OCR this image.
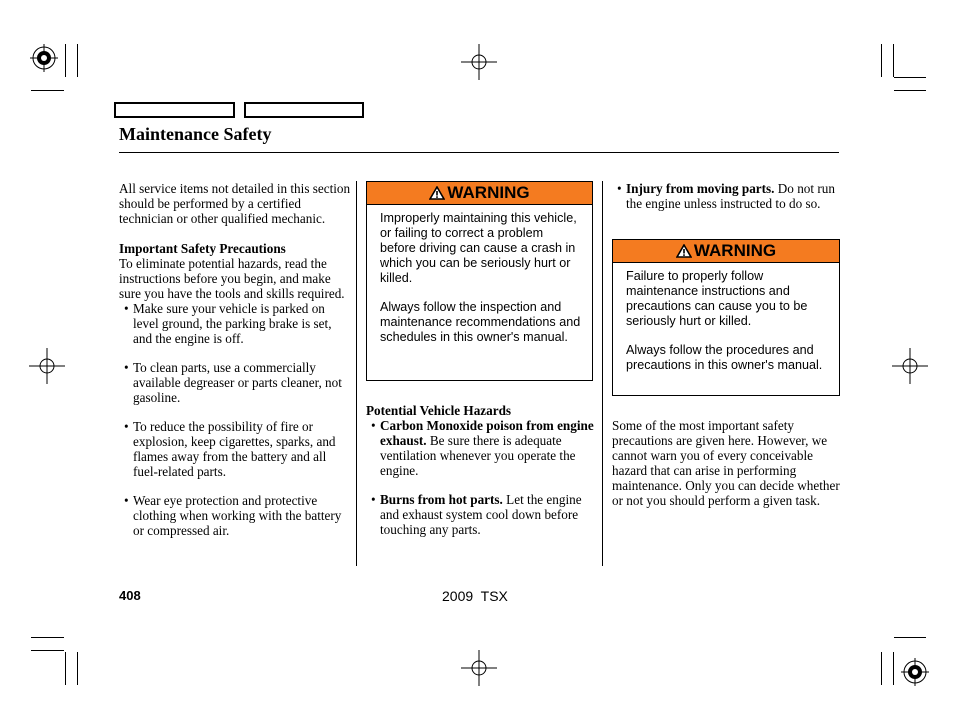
Maintenance Safety

All service items not detailed in this section should be performed by a certified technician or other qualified mechanic.

Important Safety Precautions

To eliminate potential hazards, read the instructions before you begin, and make sure you have the tools and skills required.

• Make sure your vehicle is parked on level ground, the parking brake is set, and the engine is off.

• To clean parts, use a commercially available degreaser or parts cleaner, not gasoline.

• To reduce the possibility of fire or explosion, keep cigarettes, sparks, and flames away from the battery and all fuel-related parts.

• Wear eye protection and protective clothing when working with the battery or compressed air.

WARNING

Improperly maintaining this vehicle, or failing to correct a problem before driving can cause a crash in which you can be seriously hurt or killed.

Always follow the inspection and maintenance recommendations and schedules in this owner's manual.

Potential Vehicle Hazards

• Carbon Monoxide poison from engine exhaust. Be sure there is adequate ventilation whenever you operate the engine.

• Burns from hot parts. Let the engine and exhaust system cool down before touching any parts.

• Injury from moving parts. Do not run the engine unless instructed to do so.

WARNING

Failure to properly follow maintenance instructions and precautions can cause you to be seriously hurt or killed.

Always follow the procedures and precautions in this owner's manual.

Some of the most important safety precautions are given here. However, we cannot warn you of every conceivable hazard that can arise in performing maintenance. Only you can decide whether or not you should perform a given task.

408	2009  TSX
